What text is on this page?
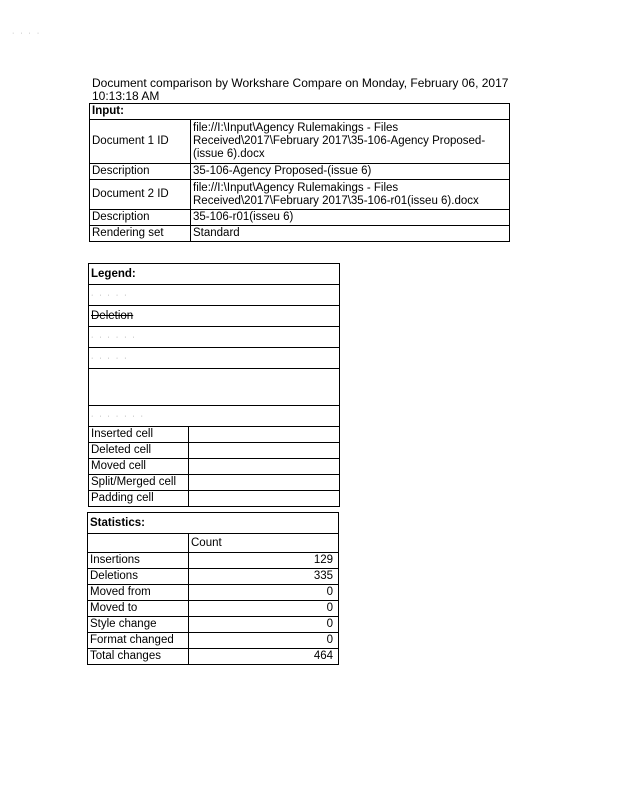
· · · ·
Document comparison by Workshare Compare on Monday, February 06, 2017 10:13:18 AM
Input:	
Document 1 ID	file://I:\Input\Agency Rulemakings - Files Received\2017\February 2017\35-106-Agency Proposed-(issue 6).docx
Description	35-106-Agency Proposed-(issue 6)
Document 2 ID	file://I:\Input\Agency Rulemakings - Files Received\2017\February 2017\35-106-r01(isseu 6).docx
Description	35-106-r01(isseu 6)
Rendering set	Standard
Legend:	
· · · · ·	
Deletion	
· · · · · ·	
· · · · ·	

· · · · · · ·	
Inserted cell	
Deleted cell	
Moved cell	
Split/Merged cell	
Padding cell	
Statistics:	
	Count
Insertions	129
Deletions	335
Moved from	0
Moved to	0
Style change	0
Format changed	0
Total changes	464
